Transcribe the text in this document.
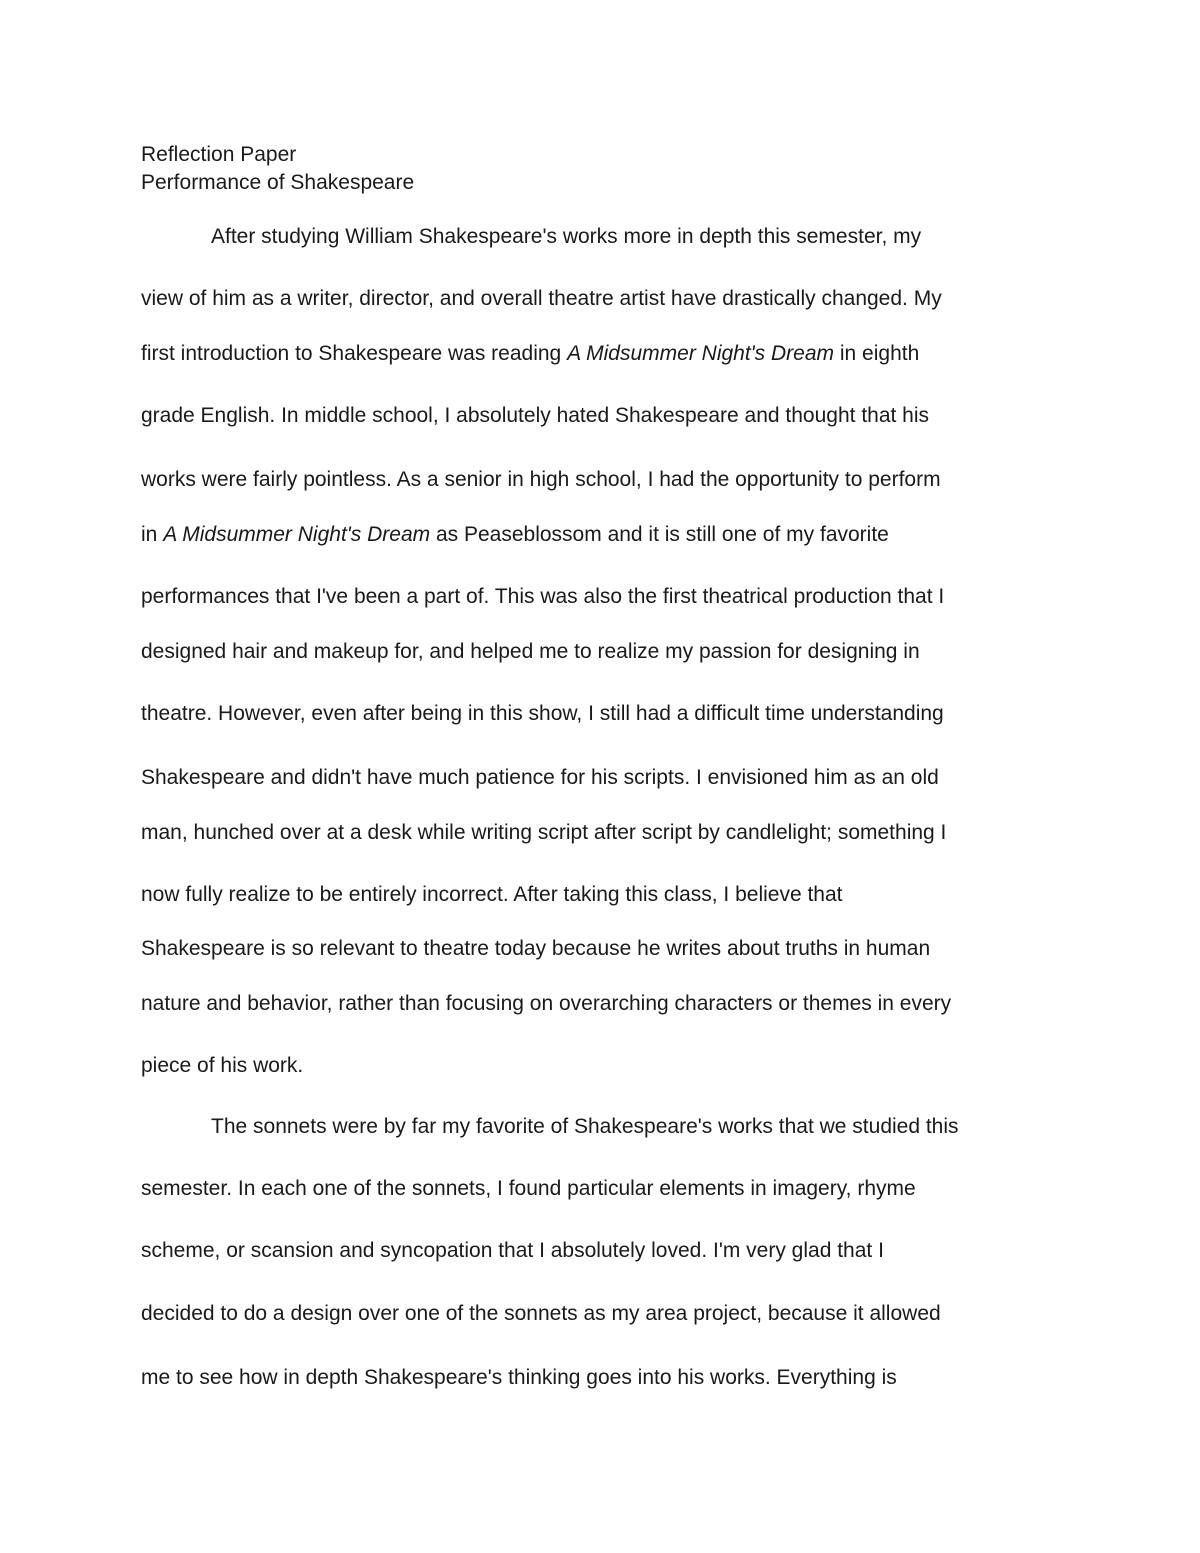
Reflection Paper
Performance of Shakespeare
After studying William Shakespeare's works more in depth this semester, my
view of him as a writer, director, and overall theatre artist have drastically changed. My
first introduction to Shakespeare was reading A Midsummer Night's Dream in eighth
grade English. In middle school, I absolutely hated Shakespeare and thought that his
works were fairly pointless. As a senior in high school, I had the opportunity to perform
in A Midsummer Night's Dream as Peaseblossom and it is still one of my favorite
performances that I've been a part of. This was also the first theatrical production that I
designed hair and makeup for, and helped me to realize my passion for designing in
theatre. However, even after being in this show, I still had a difficult time understanding
Shakespeare and didn't have much patience for his scripts. I envisioned him as an old
man, hunched over at a desk while writing script after script by candlelight; something I
now fully realize to be entirely incorrect. After taking this class, I believe that
Shakespeare is so relevant to theatre today because he writes about truths in human
nature and behavior, rather than focusing on overarching characters or themes in every
piece of his work.
The sonnets were by far my favorite of Shakespeare's works that we studied this
semester. In each one of the sonnets, I found particular elements in imagery, rhyme
scheme, or scansion and syncopation that I absolutely loved. I'm very glad that I
decided to do a design over one of the sonnets as my area project, because it allowed
me to see how in depth Shakespeare's thinking goes into his works. Everything is
